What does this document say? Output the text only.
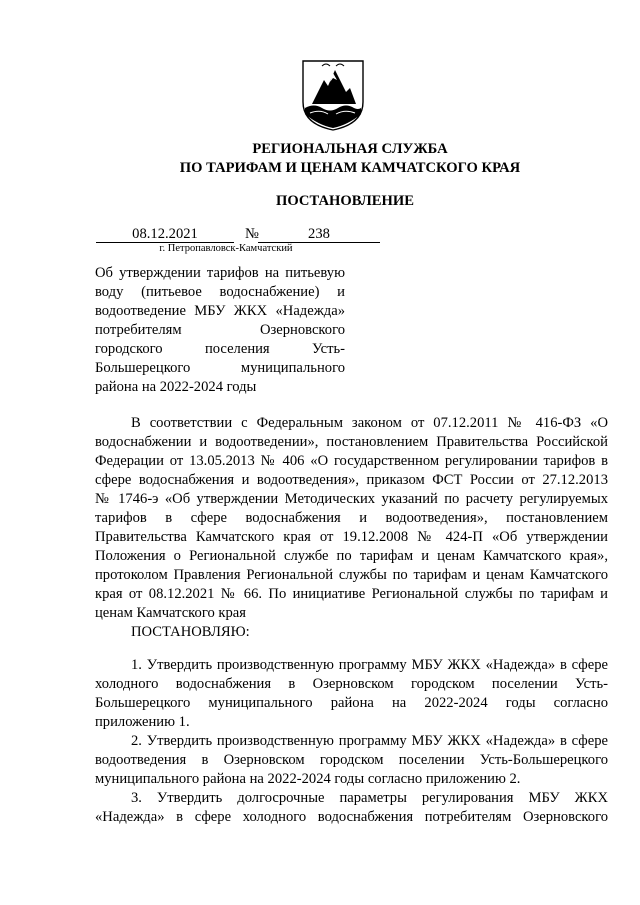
РЕГИОНАЛЬНАЯ СЛУЖБА
ПО ТАРИФАМ И ЦЕНАМ КАМЧАТСКОГО КРАЯ
ПОСТАНОВЛЕНИЕ
08.12.2021	№	238
г. Петропавловск-Камчатский

Об утверждении тарифов на питьевую

воду (питьевое водоснабжение) и

водоотведение МБУ ЖКХ «Надежда»

потребителям Озерновского

городского поселения Усть-

Большерецкого муниципального

района на 2022-2024 годы

В соответствии с Федеральным законом от 07.12.2011 № 416-ФЗ «О

водоснабжении и водоотведении», постановлением Правительства Российской

Федерации от 13.05.2013 № 406 «О государственном регулировании тарифов в

сфере водоснабжения и водоотведения», приказом ФСТ России от 27.12.2013

№ 1746-э «Об утверждении Методических указаний по расчету регулируемых

тарифов в сфере водоснабжения и водоотведения», постановлением

Правительства Камчатского края от 19.12.2008 № 424-П «Об утверждении

Положения о Региональной службе по тарифам и ценам Камчатского края»,

протоколом Правления Региональной службы по тарифам и ценам Камчатского

края от 08.12.2021 № 66. По инициативе Региональной службы по тарифам и

ценам Камчатского края

ПОСТАНОВЛЯЮ:

1. Утвердить производственную программу МБУ ЖКХ «Надежда» в сфере

холодного водоснабжения в Озерновском городском поселении Усть-

Большерецкого муниципального района на 2022-2024 годы согласно

приложению 1.

2. Утвердить производственную программу МБУ ЖКХ «Надежда» в сфере

водоотведения в Озерновском городском поселении Усть-Большерецкого

муниципального района на 2022-2024 годы согласно приложению 2.

3. Утвердить долгосрочные параметры регулирования МБУ ЖКХ

«Надежда» в сфере холодного водоснабжения потребителям Озерновского
